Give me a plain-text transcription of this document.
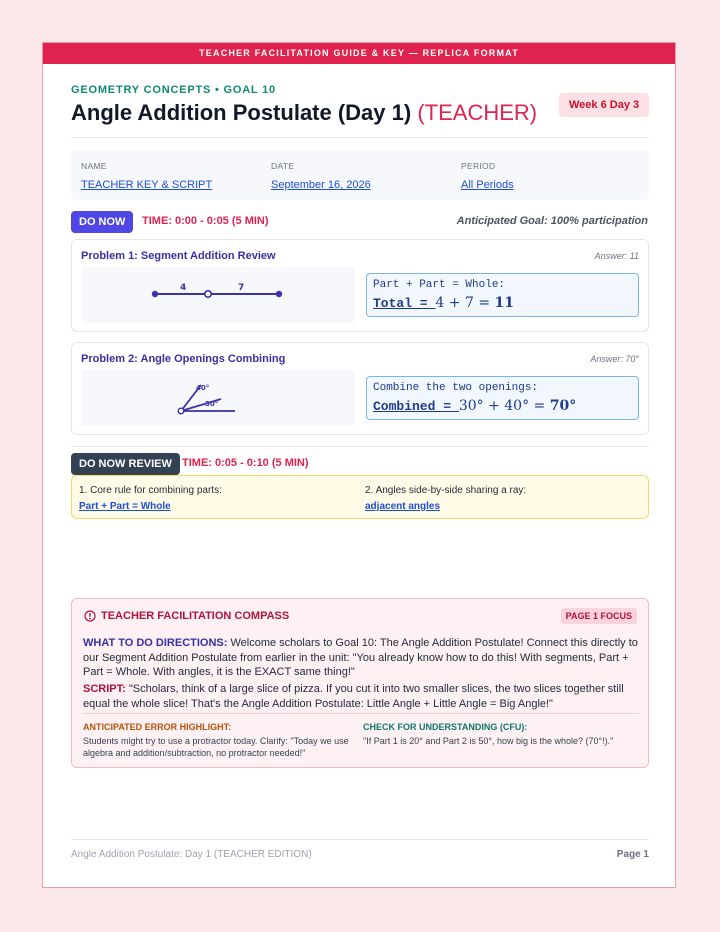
TEACHER FACILITATION GUIDE & KEY — REPLICA FORMAT
GEOMETRY CONCEPTS • GOAL 10
Angle Addition Postulate (Day 1) (TEACHER)	Week 6 Day 3
NAME
TEACHER KEY & SCRIPT
DATE
September 16, 2026
PERIOD
All Periods
DO NOW	TIME: 0:00 - 0:05 (5 MIN)	Anticipated Goal: 100% participation
Problem 1: Segment Addition Review	Answer: 11
4	7	Part + Part = Whole:
Total = 4 + 7 = 11
Problem 2: Angle Openings Combining	Answer: 70°
40°
30°
Combine the two openings:
Combined = 30° + 40° = 70°
DO NOW REVIEW TIME: 0:05 - 0:10 (5 MIN)
1. Core rule for combining parts:
Part + Part = Whole
2. Angles side-by-side sharing a ray:
adjacent angles
TEACHER FACILITATION COMPASS	PAGE 1 FOCUS
WHAT TO DO DIRECTIONS: Welcome scholars to Goal 10: The Angle Addition Postulate! Connect this directly to our Segment Addition Postulate from earlier in the unit: "You already know how to do this! With segments, Part + Part = Whole. With angles, it is the EXACT same thing!"
SCRIPT: "Scholars, think of a large slice of pizza. If you cut it into two smaller slices, the two slices together still equal the whole slice! That's the Angle Addition Postulate: Little Angle + Little Angle = Big Angle!"
ANTICIPATED ERROR HIGHLIGHT:
Students might try to use a protractor today. Clarify: "Today we use algebra and addition/subtraction, no protractor needed!"
CHECK FOR UNDERSTANDING (CFU):
"If Part 1 is 20° and Part 2 is 50°, how big is the whole? (70°!)."
Angle Addition Postulate: Day 1 (TEACHER EDITION)	Page 1
